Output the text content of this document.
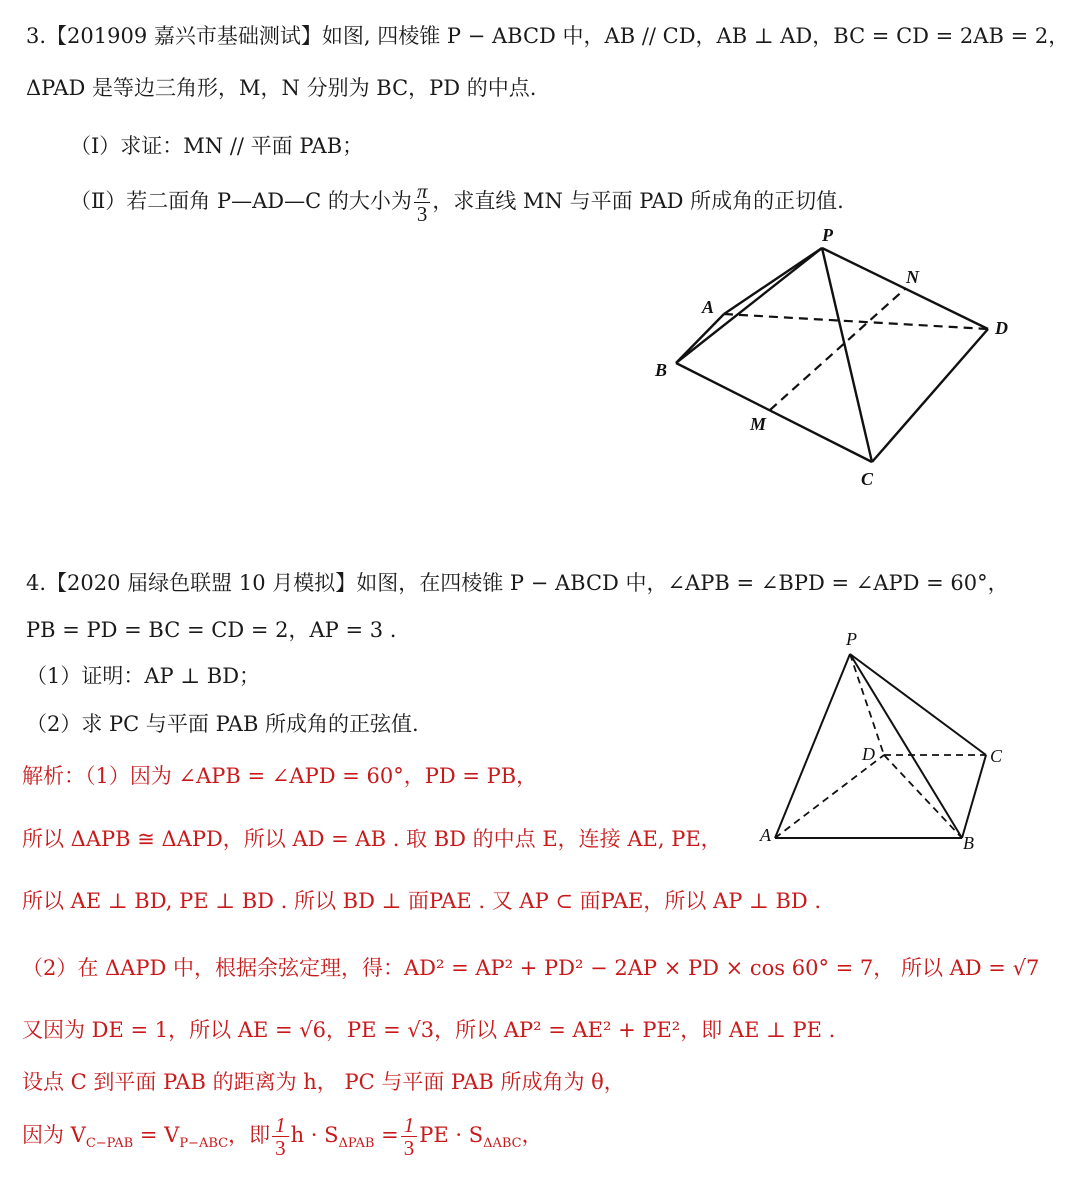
3.【201909 嘉兴市基础测试】如图, 四棱锥 P − ABCD 中，AB // CD，AB ⊥ AD，BC = CD = 2AB = 2，
ΔPAD 是等边三角形，M，N 分别为 BC，PD 的中点.
（Ⅰ）求证：MN // 平面 PAB；
（Ⅱ）若二面角 P—AD—C 的大小为 $\frac{\pi}{3}$ ，求直线 MN 与平面 PAD 所成角的正切值.
P
A
B
C
D
M
N
4.【2020 届绿色联盟 10 月模拟】如图，在四棱锥 P − ABCD 中，∠APB = ∠BPD = ∠APD = 60°，
PB = PD = BC = CD = 2，AP = 3 .
（1）证明：AP ⊥ BD；
（2）求 PC 与平面 PAB 所成角的正弦值.
P
A	B
C
D
解析：（1）因为 ∠APB = ∠APD = 60°，PD = PB，
所以 ΔAPB ≅ ΔAPD，所以 AD = AB . 取 BD 的中点 E，连接 AE, PE，
所以 AE ⊥ BD, PE ⊥ BD . 所以 BD ⊥ 面PAE . 又 AP ⊂ 面PAE，所以 AP ⊥ BD .
（2）在 ΔAPD 中，根据余弦定理，得：AD² = AP² + PD² − 2AP × PD × cos 60° = 7， 所以 AD = √7
又因为 DE = 1，所以 AE = √6，PE = √3，所以 AP² = AE² + PE²，即 AE ⊥ PE .
设点 C 到平面 PAB 的距离为 h， PC 与平面 PAB 所成角为 θ，
因为 $V_{C-PAB} = V_{P-ABC}$，即 $\frac{1}{3}$ $h \cdot S_{\Delta PAB} = \frac{1}{3}$ PE · $S_{\Delta ABC}$，
